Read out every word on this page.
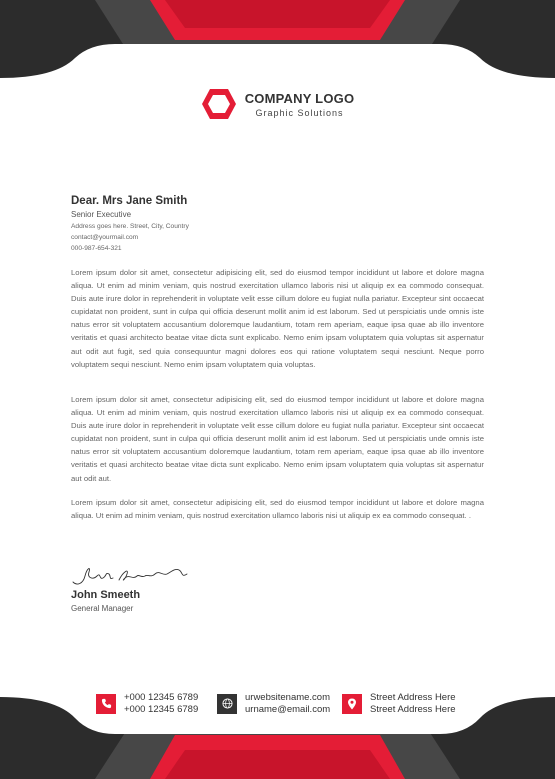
COMPANY LOGO
Graphic Solutions
Dear. Mrs Jane Smith
Senior Executive
Address goes here. Street, City, Country
contact@yourmail.com
000-987-654-321

Lorem ipsum dolor sit amet, consectetur adipisicing elit, sed do eiusmod tempor incididunt ut labore et dolore magna aliqua. Ut enim ad minim veniam, quis nostrud exercitation ullamco laboris nisi ut aliquip ex ea commodo consequat. Duis aute irure dolor in reprehenderit in voluptate velit esse cillum dolore eu fugiat nulla pariatur. Excepteur sint occaecat cupidatat non proident, sunt in culpa qui officia deserunt mollit anim id est laborum. Sed ut perspiciatis unde omnis iste natus error sit voluptatem accusantium doloremque laudantium, totam rem aperiam, eaque ipsa quae ab illo inventore veritatis et quasi architecto beatae vitae dicta sunt explicabo. Nemo enim ipsam voluptatem quia voluptas sit aspernatur aut odit aut fugit, sed quia consequuntur magni dolores eos qui ratione voluptatem sequi nesciunt. Neque porro voluptatem sequi nesciunt. Nemo enim ipsam voluptatem quia voluptas.

Lorem ipsum dolor sit amet, consectetur adipisicing elit, sed do eiusmod tempor incididunt ut labore et dolore magna aliqua. Ut enim ad minim veniam, quis nostrud exercitation ullamco laboris nisi ut aliquip ex ea commodo consequat. Duis aute irure dolor in reprehenderit in voluptate velit esse cillum dolore eu fugiat nulla pariatur. Excepteur sint occaecat cupidatat non proident, sunt in culpa qui officia deserunt mollit anim id est laborum. Sed ut perspiciatis unde omnis iste natus error sit voluptatem accusantium doloremque laudantium, totam rem aperiam, eaque ipsa quae ab illo inventore veritatis et quasi architecto beatae vitae dicta sunt explicabo. Nemo enim ipsam voluptatem quia voluptas sit aspernatur aut odit aut.

Lorem ipsum dolor sit amet, consectetur adipisicing elit, sed do eiusmod tempor incididunt ut labore et dolore magna aliqua. Ut enim ad minim veniam, quis nostrud exercitation ullamco laboris nisi ut aliquip ex ea commodo consequat. .

John Smeeth
General Manager
+000 12345 6789
+000 12345 6789
urwebsitename.com
urname@email.com
Street Address Here
Street Address Here
